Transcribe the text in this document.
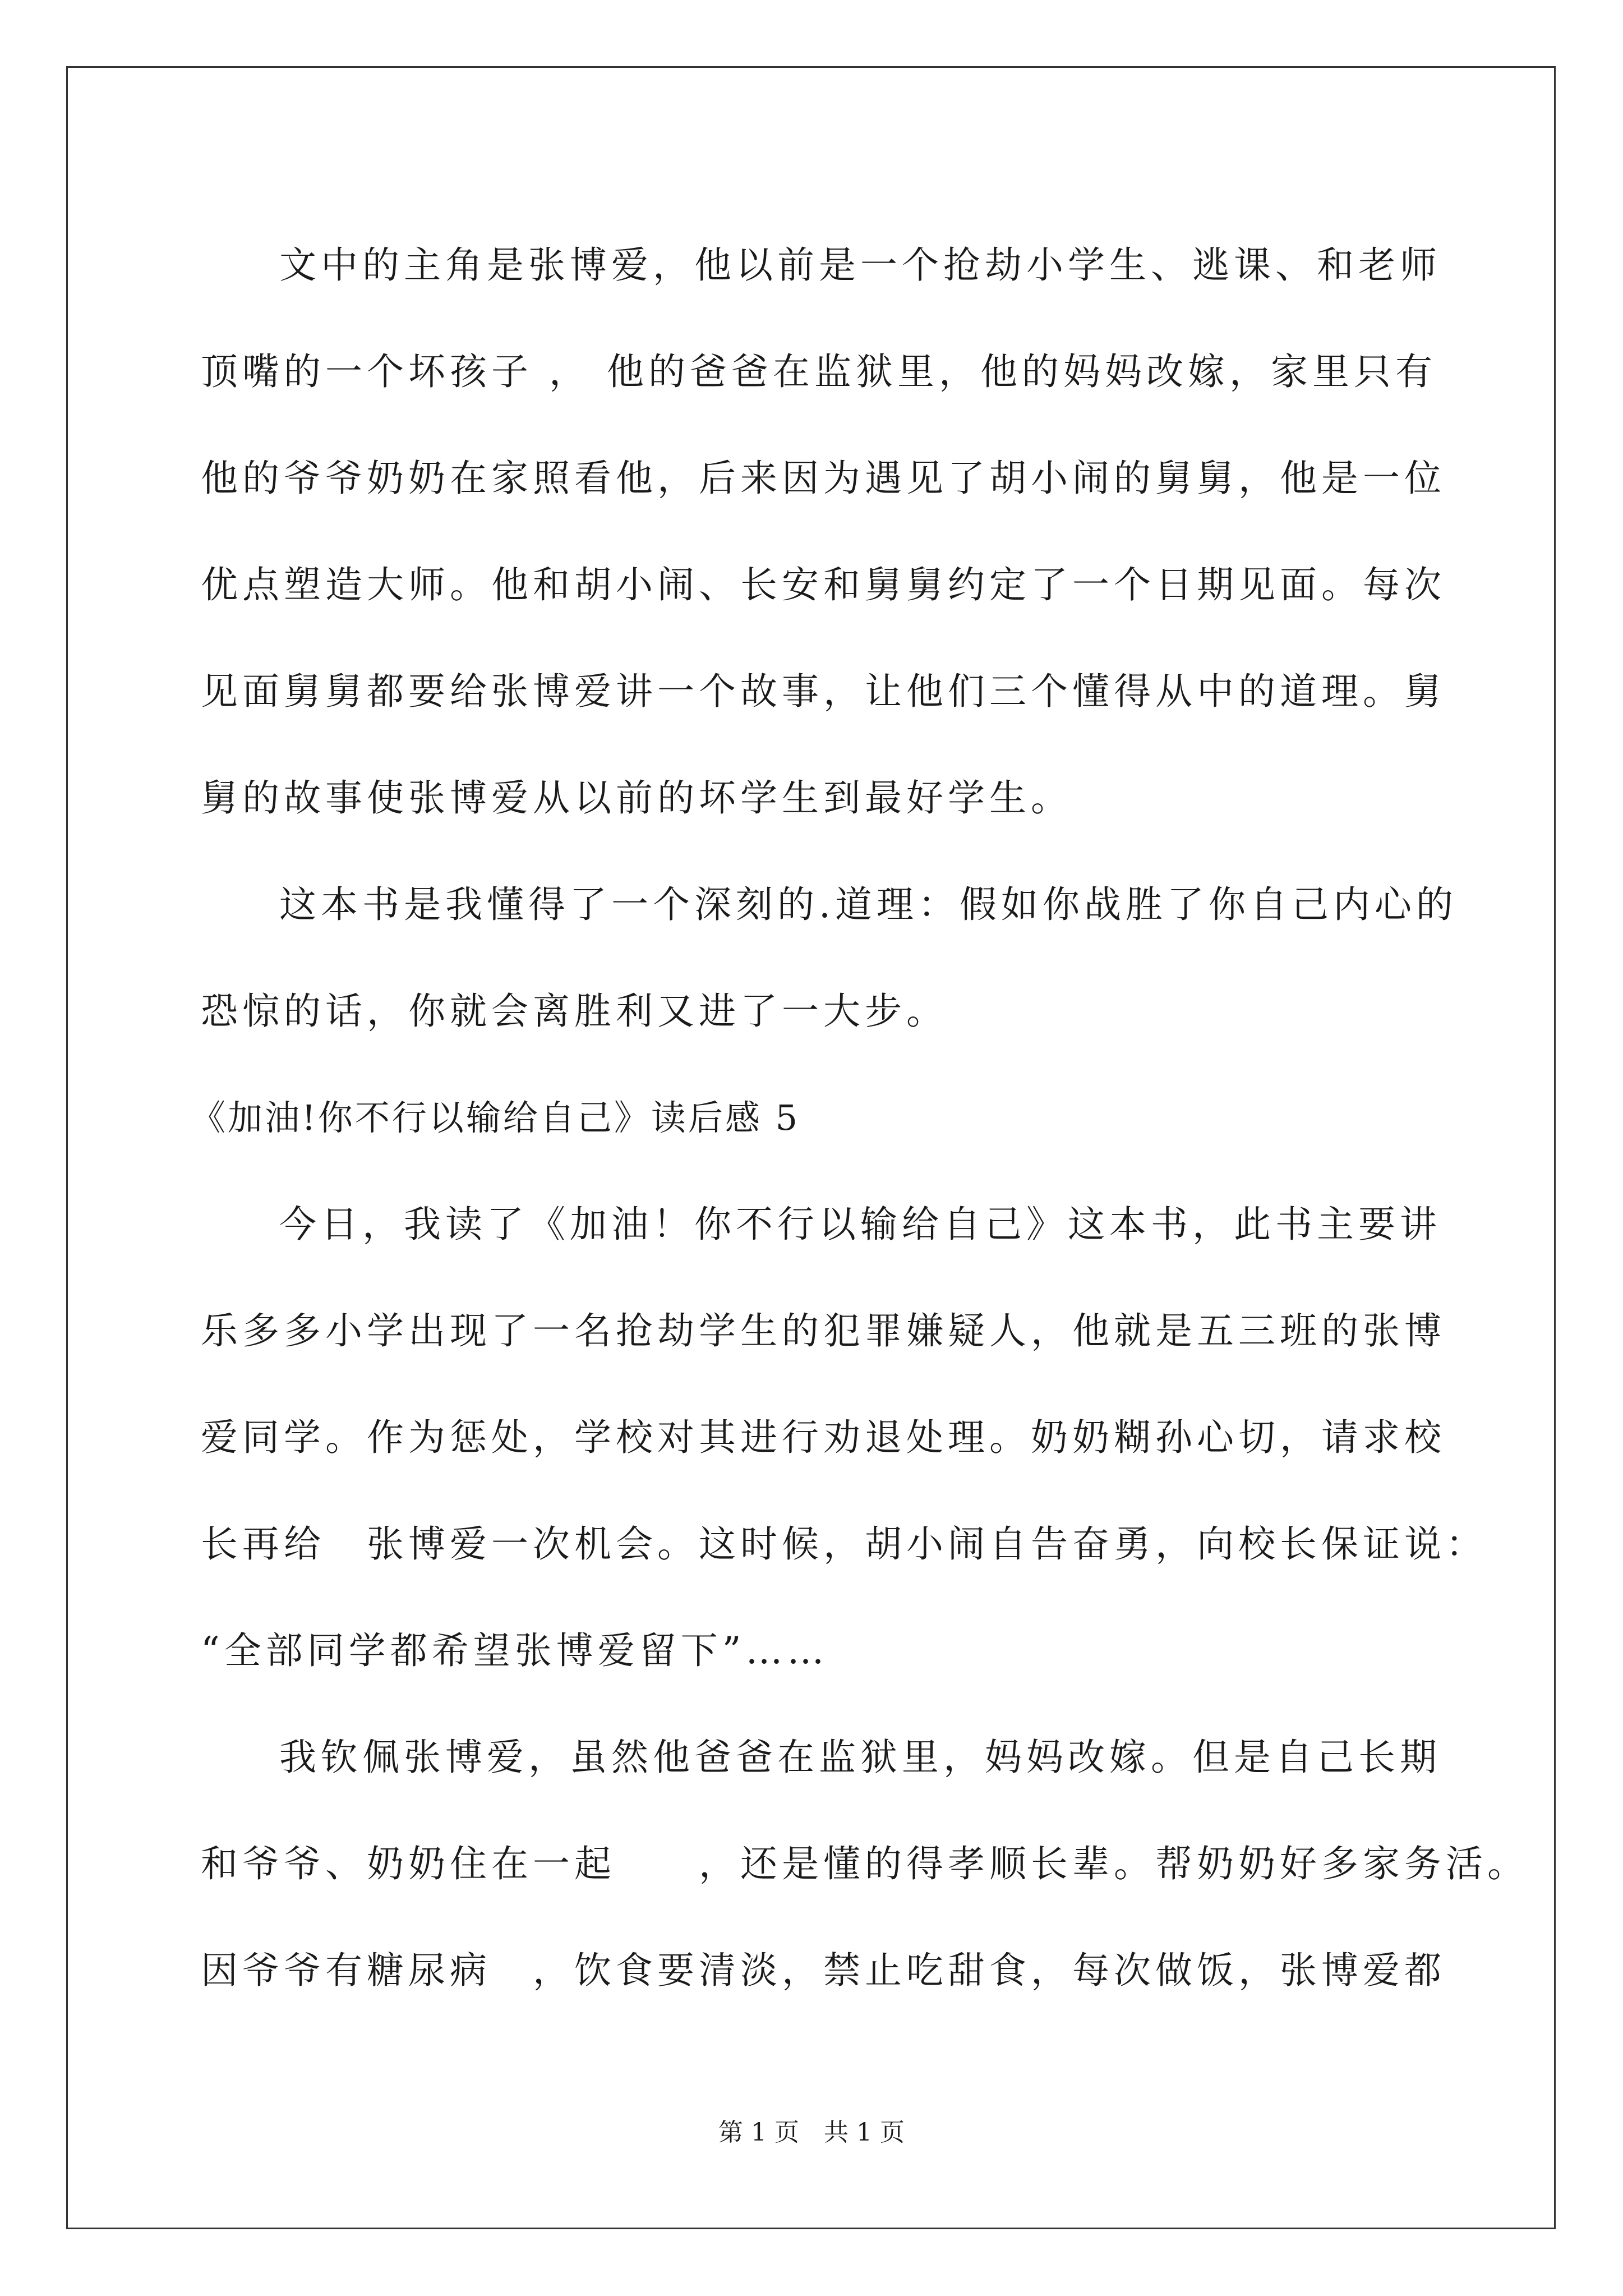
文中的主角是张博爱，他以前是一个抢劫小学生、逃课、和老师
顶嘴的一个坏孩子 ， 他的爸爸在监狱里，他的妈妈改嫁，家里只有
他的爷爷奶奶在家照看他，后来因为遇见了胡小闹的舅舅，他是一位
优点塑造大师。他和胡小闹、长安和舅舅约定了一个日期见面。每次
见面舅舅都要给张博爱讲一个故事，让他们三个懂得从中的道理。舅
舅的故事使张博爱从以前的坏学生到最好学生。

这本书是我懂得了一个深刻的.道理：假如你战胜了你自己内心的
恐惊的话，你就会离胜利又进了一大步。

《加油!你不行以输给自己》读后感 5

今日，我读了《加油！你不行以输给自己》这本书，此书主要讲
乐多多小学出现了一名抢劫学生的犯罪嫌疑人，他就是五三班的张博
爱同学。作为惩处，学校对其进行劝退处理。奶奶糊孙心切，请求校
长再给　张博爱一次机会。这时候，胡小闹自告奋勇，向校长保证说：
“全部同学都希望张博爱留下”……

我钦佩张博爱，虽然他爸爸在监狱里，妈妈改嫁。但是自己长期
和爷爷、奶奶住在一起　　，还是懂的得孝顺长辈。帮奶奶好多家务活。
因爷爷有糖尿病　，饮食要清淡，禁止吃甜食，每次做饭，张博爱都

第 1 页　共 1 页
